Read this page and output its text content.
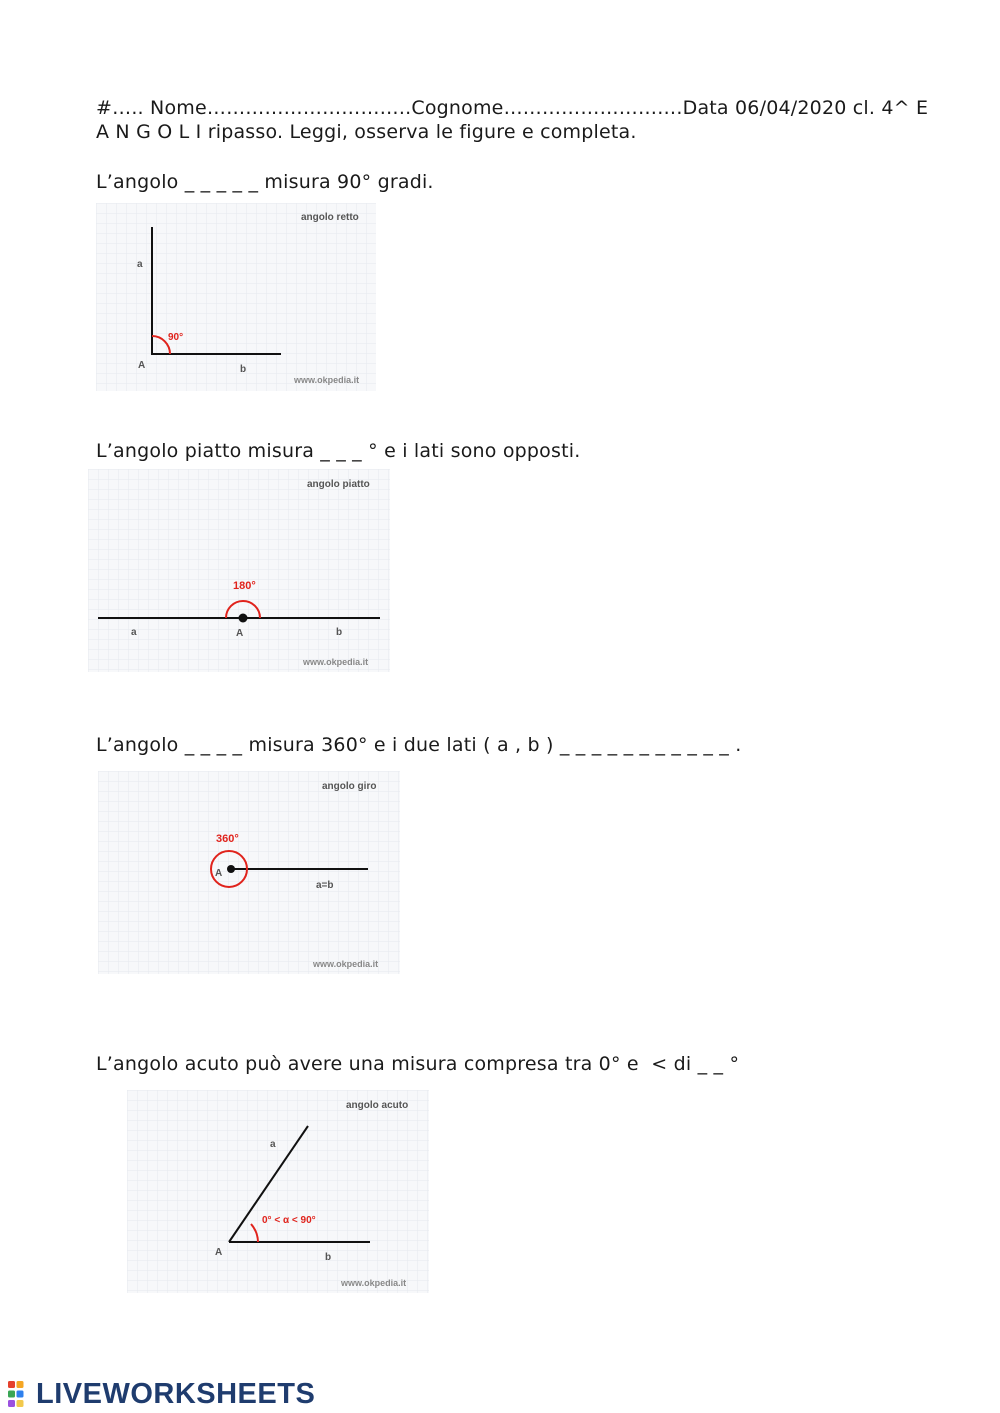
#….. Nome…………………………..Cognome……………………….Data 06/04/2020 cl. 4^ E
A N G O L I ripasso. Leggi, osserva le figure e completa.
L’angolo _ _ _ _ _ misura 90° gradi.
angolo retto
90°
a
b
A
www.okpedia.it
L’angolo piatto misura _ _ _ ° e i lati sono opposti.
angolo piatto
180°
a	A	b
www.okpedia.it
L’angolo _ _ _ _ misura 360° e i due lati ( a , b ) _ _ _ _ _ _ _ _ _ _ _ .
angolo giro
360°
A
a=b
www.okpedia.it
L’angolo acuto può avere una misura compresa tra 0° e  < di _ _ °
angolo acuto
0° < α < 90°
a
b
A
www.okpedia.it
LIVEWORKSHEETS
